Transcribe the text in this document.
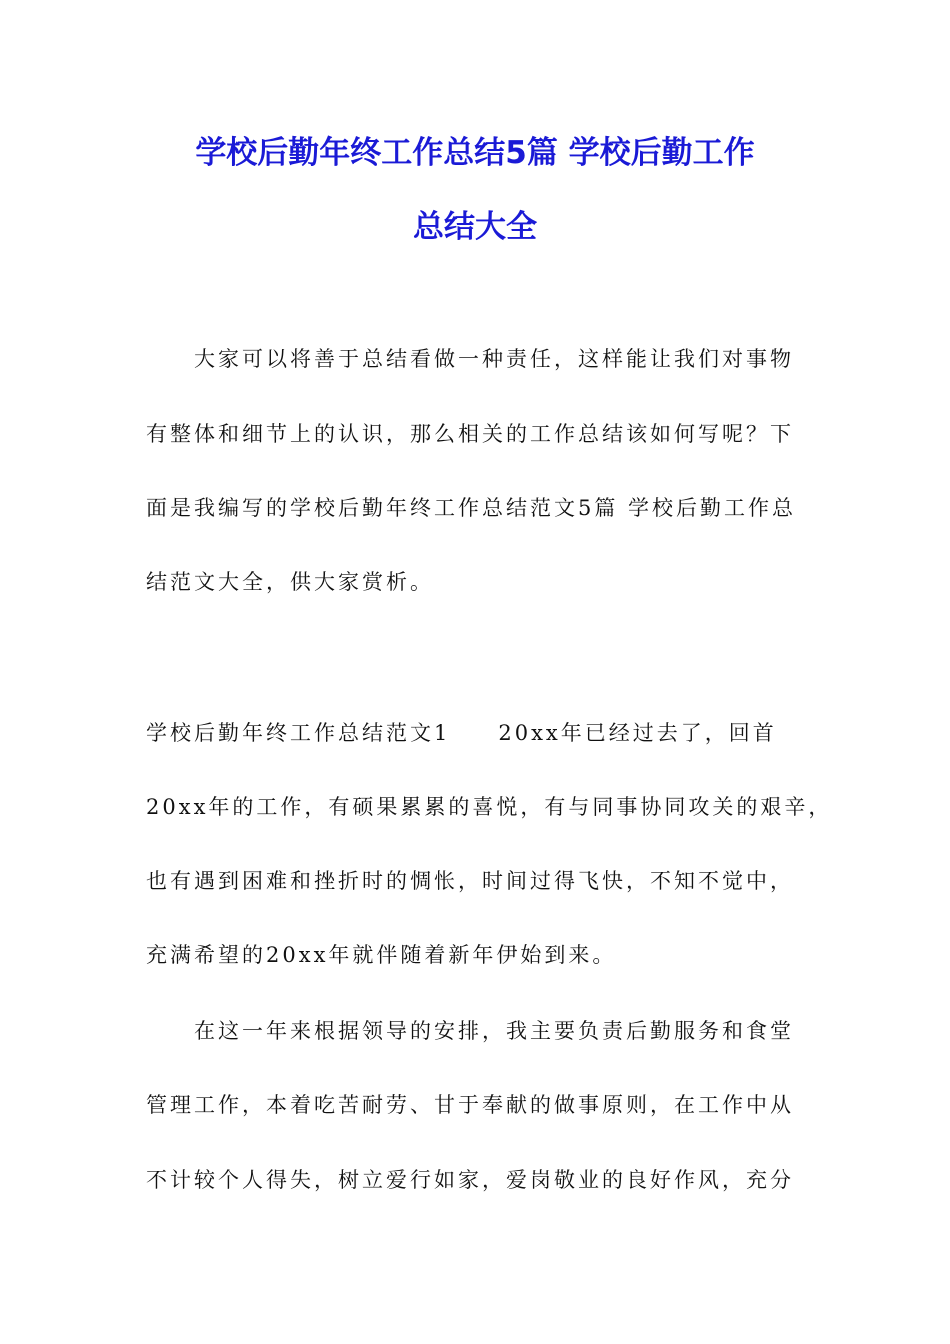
学校后勤年终工作总结5篇 学校后勤工作
总结大全

大家可以将善于总结看做一种责任，这样能让我们对事物

有整体和细节上的认识，那么相关的工作总结该如何写呢？下

面是我编写的学校后勤年终工作总结范文5篇 学校后勤工作总

结范文大全，供大家赏析。

学校后勤年终工作总结范文1　　20xx年已经过去了，回首

20xx年的工作，有硕果累累的喜悦，有与同事协同攻关的艰辛，

也有遇到困难和挫折时的惆怅，时间过得飞快，不知不觉中，

充满希望的20xx年就伴随着新年伊始到来。

在这一年来根据领导的安排，我主要负责后勤服务和食堂

管理工作，本着吃苦耐劳、甘于奉献的做事原则，在工作中从

不计较个人得失，树立爱行如家，爱岗敬业的良好作风，充分
